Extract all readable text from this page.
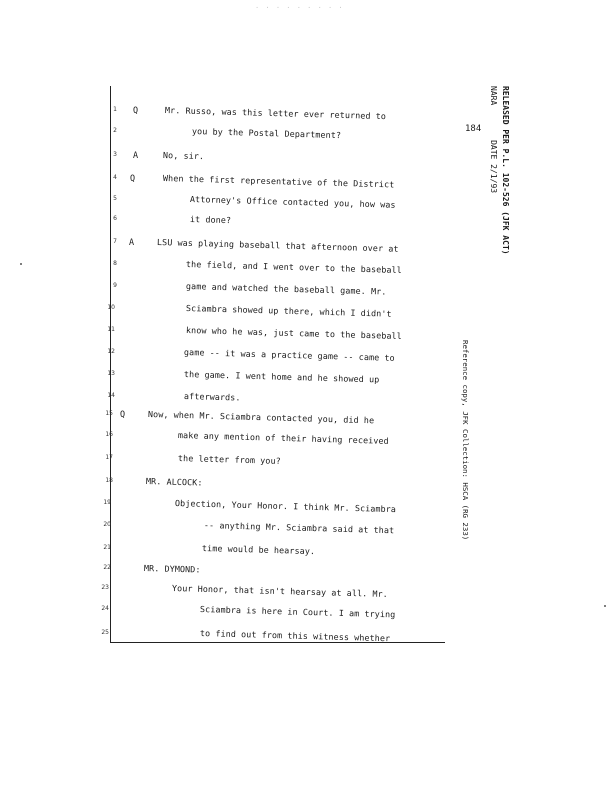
· · · · · · · · ·
184 RELEASED PER P.L. 102-526 (JFK ACT)
NARA DATE 2/1/93
Reference copy, JFK Collection: HSCA (RG 233)
1 Q	Mr. Russo, was this letter ever returned to
2	you by the Postal Department?
3 A	No, sir.
4 Q	When the first representative of the District
5	Attorney's Office contacted you, how was
6	it done?
7 A	LSU was playing baseball that afternoon over at
8	the field, and I went over to the baseball
9	game and watched the baseball game. Mr.
10	Sciambra showed up there, which I didn't
11	know who he was, just came to the baseball
12	game -- it was a practice game -- came to
13	the game. I went home and he showed up
14	afterwards.
15 Q	Now, when Mr. Sciambra contacted you, did he
16	make any mention of their having received
17	the letter from you?
18	MR. ALCOCK:
19	Objection, Your Honor. I think Mr. Sciambra
20	-- anything Mr. Sciambra said at that
21	time would be hearsay.
22	MR. DYMOND:
23	Your Honor, that isn't hearsay at all. Mr.
24	Sciambra is here in Court. I am trying
25	to find out from this witness whether
